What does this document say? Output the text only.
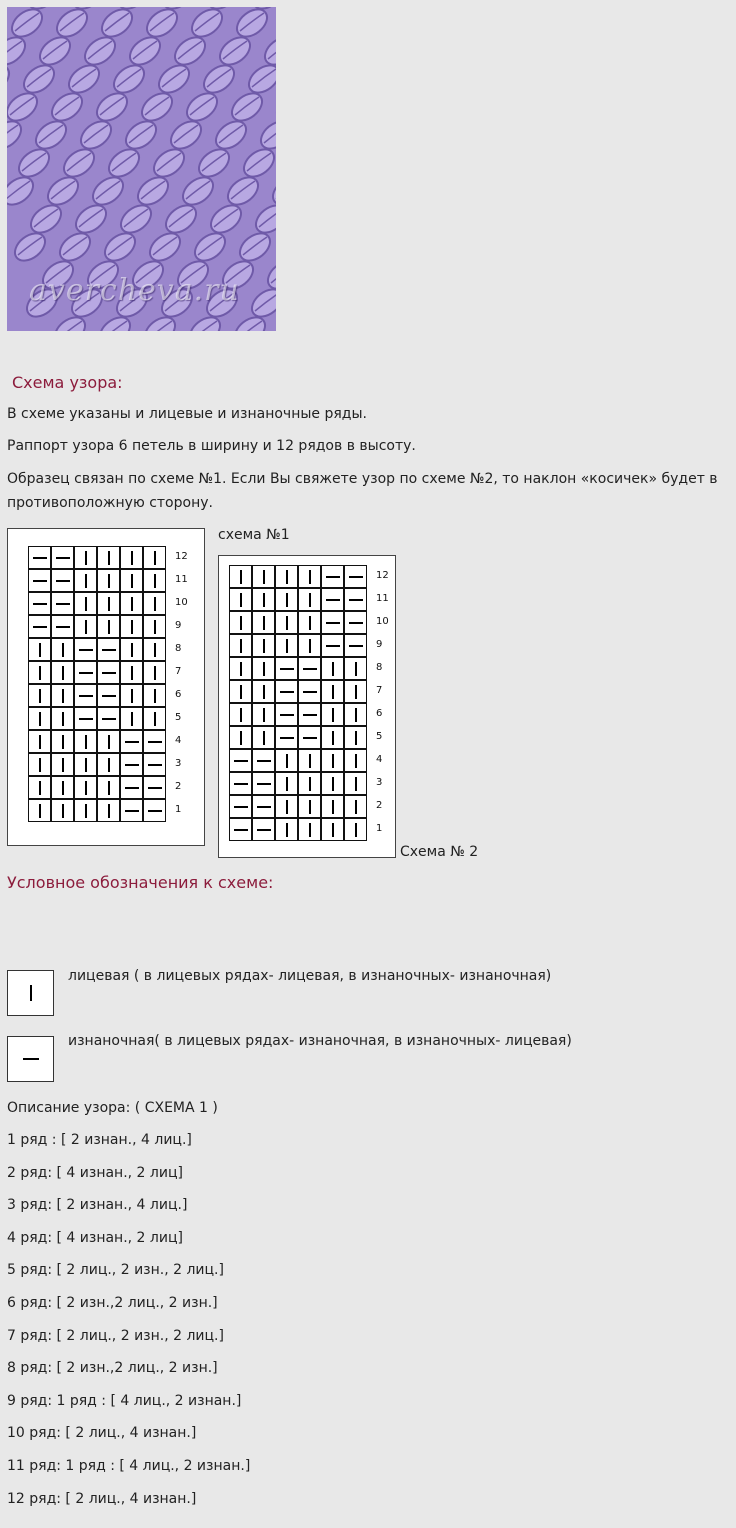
avercheva.ru
Схема узора:
В схеме указаны и лицевые и изнаночные ряды.
Раппорт узора 6 петель в ширину и 12 рядов в высоту.
Образец связан по схеме №1. Если Вы свяжете узор по схеме №2, то наклон «косичек» будет в противоположную сторону.
12
11
10
9
8
7
6
5
4
3
2
1
схема №1
12
11
10
9
8
7
6
5
4
3
2
1
Схема № 2
Условное обозначения к схеме:
лицевая ( в лицевых рядах- лицевая, в изнаночных- изнаночная)
изнаночная( в лицевых рядах- изнаночная, в изнаночных- лицевая)
Описание узора: ( СХЕМА 1 )
1 ряд : [ 2 изнан., 4 лиц.]
2 ряд: [ 4 изнан., 2 лиц]
3 ряд: [ 2 изнан., 4 лиц.]
4 ряд: [ 4 изнан., 2 лиц]
5 ряд: [ 2 лиц., 2 изн., 2 лиц.]
6 ряд: [ 2 изн.,2 лиц., 2 изн.]
7 ряд: [ 2 лиц., 2 изн., 2 лиц.]
8 ряд: [ 2 изн.,2 лиц., 2 изн.]
9 ряд: 1 ряд : [ 4 лиц., 2 изнан.]
10 ряд: [ 2 лиц., 4 изнан.]
11 ряд: 1 ряд : [ 4 лиц., 2 изнан.]
12 ряд: [ 2 лиц., 4 изнан.]
